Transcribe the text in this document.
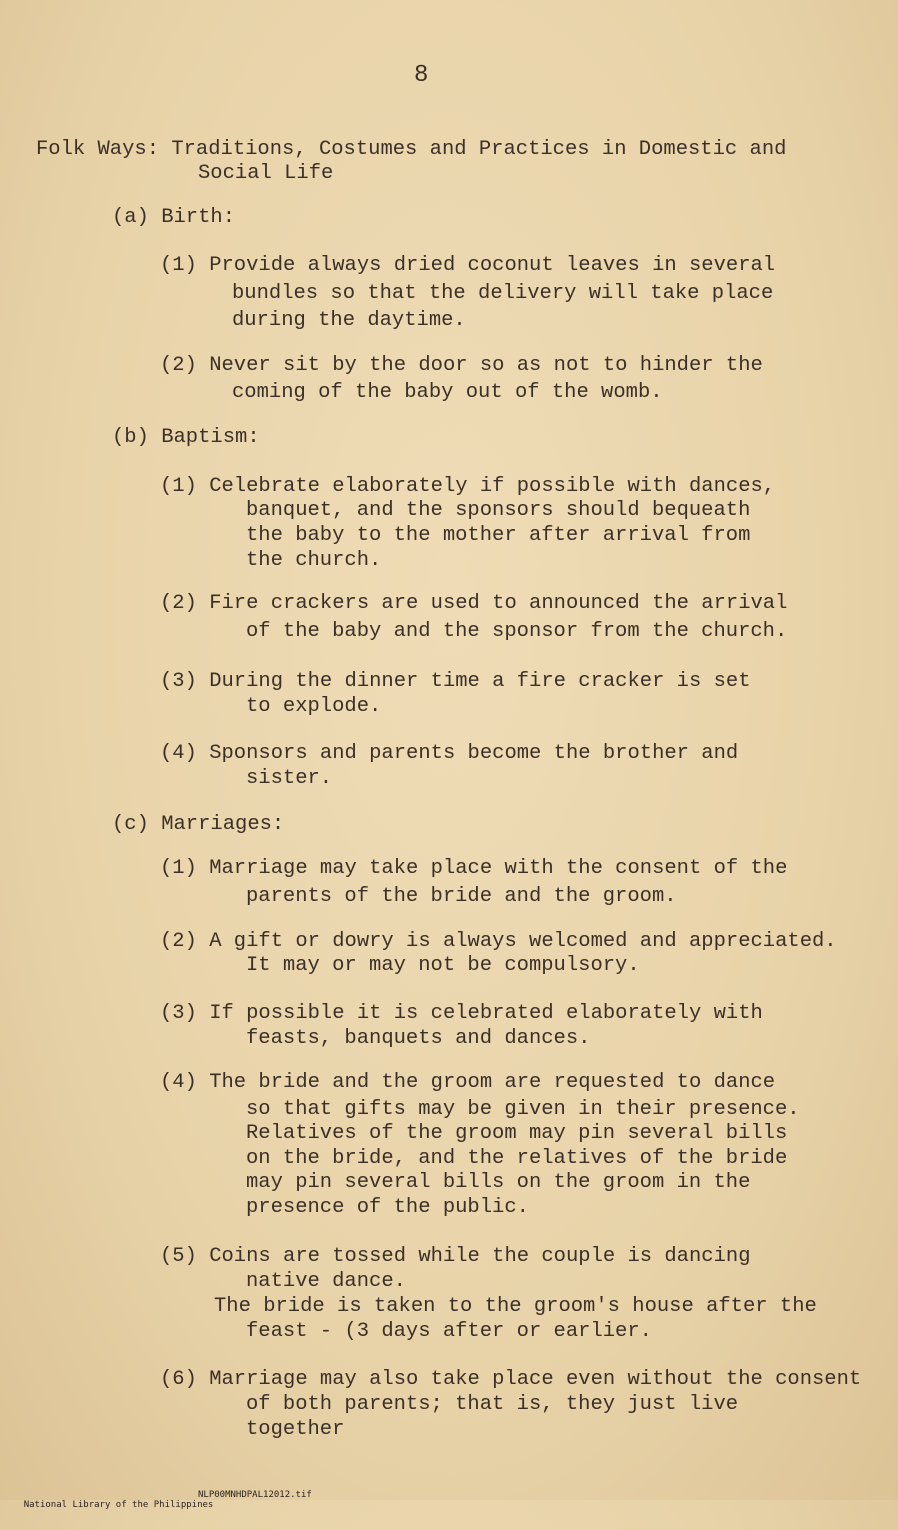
8
Folk Ways: Traditions, Costumes and Practices in Domestic and
Social Life
(a) Birth:
(1) Provide always dried coconut leaves in several
bundles so that the delivery will take place
during the daytime.
(2) Never sit by the door so as not to hinder the
coming of the baby out of the womb.
(b) Baptism:
(1) Celebrate elaborately if possible with dances,
banquet, and the sponsors should bequeath
the baby to the mother after arrival from
the church.
(2) Fire crackers are used to announced the arrival
of the baby and the sponsor from the church.
(3) During the dinner time a fire cracker is set
to explode.
(4) Sponsors and parents become the brother and
sister.
(c) Marriages:
(1) Marriage may take place with the consent of the
parents of the bride and the groom.
(2) A gift or dowry is always welcomed and appreciated.
It may or may not be compulsory.
(3) If possible it is celebrated elaborately with
feasts, banquets and dances.
(4) The bride and the groom are requested to dance
so that gifts may be given in their presence.
Relatives of the groom may pin several bills
on the bride, and the relatives of the bride
may pin several bills on the groom in the
presence of the public.
(5) Coins are tossed while the couple is dancing
native dance.
The bride is taken to the groom's house after the
feast - (3 days after or earlier.
(6) Marriage may also take place even without the consent
of both parents; that is, they just live
together

National Library of the Philippines

NLP00MNHDPAL12012.tif
